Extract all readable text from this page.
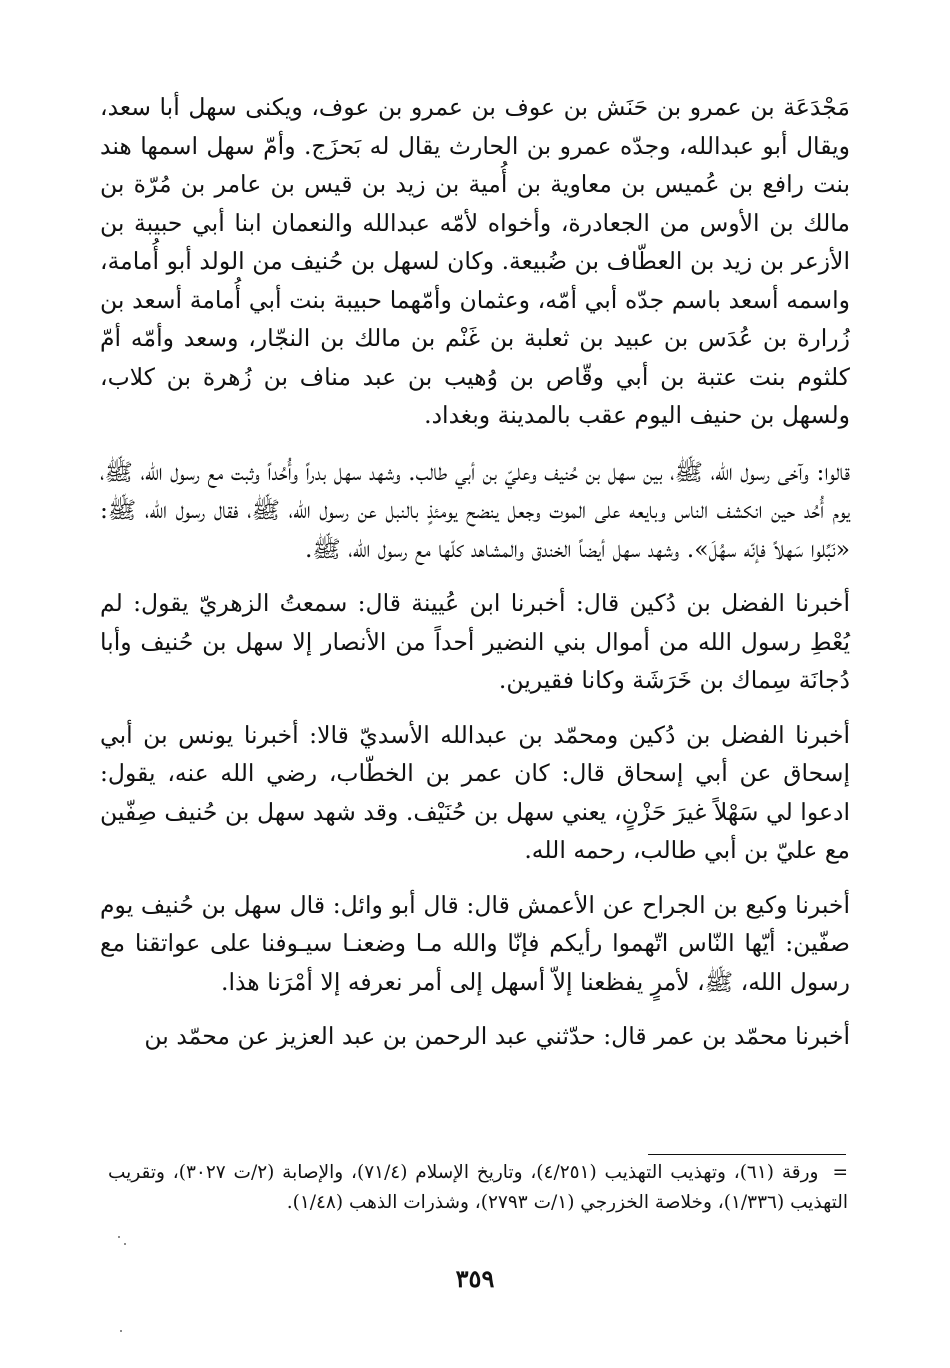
مَجْدَعَة بن عمرو بن حَنَش بن عوف بن عمرو بن عوف، ويكنى سهل أبا سعد، ويقال أبو عبدالله، وجدّه عمرو بن الحارث يقال له بَحزَج. وأمّ سهل اسمها هند بنت رافع بن عُميس بن معاوية بن أُمية بن زيد بن قيس بن عامر بن مُرّة بن مالك بن الأوس من الجعادرة، وأخواه لأمّه عبدالله والنعمان ابنا أبي حبيبة بن الأزعر بن زيد بن العطّاف بن ضُبيعة. وكان لسهل بن حُنيف من الولد أبو أُمامة، واسمه أسعد باسم جدّه أبي أمّه، وعثمان وأمّهما حبيبة بنت أبي أُمامة أسعد بن زُرارة بن عُدَس بن عبيد بن ثعلبة بن غَنْم بن مالك بن النجّار، وسعد وأمّه أمّ كلثوم بنت عتبة بن أبي وقّاص بن وُهيب بن عبد مناف بن زُهرة بن كلاب، ولسهل بن حنيف اليوم عقب بالمدينة وبغداد.

قالوا: وآخى رسول الله، ﷺ، بين سهل بن حُنيف وعليّ بن أبي طالب. وشهد سهل بدراً وأُحُداً وثبت مع رسول الله، ﷺ، يوم أُحُد حين انكشف الناس وبايعه على الموت وجعل ينضح يومئذٍ بالنبل عن رسول الله، ﷺ، فقال رسول الله، ﷺ: «نَبِّلوا سَهلاً فإنّه سهُلَ». وشهد سهل أيضاً الخندق والمشاهد كلّها مع رسول الله، ﷺ.

أخبرنا الفضل بن دُكين قال: أخبرنا ابن عُيينة قال: سمعتُ الزهريّ يقول: لم يُعْطِ رسول الله من أموال بني النضير أحداً من الأنصار إلا سهل بن حُنيف وأبا دُجانَة سِماك بن خَرَشَة وكانا فقيرين.

أخبرنا الفضل بن دُكين ومحمّد بن عبدالله الأسديّ قالا: أخبرنا يونس بن أبي إسحاق عن أبي إسحاق قال: كان عمر بن الخطّاب، رضي الله عنه، يقول: ادعوا لي سَهْلاً غيرَ حَزْنٍ، يعني سهل بن حُنَيْف. وقد شهد سهل بن حُنيف صِفّين مع عليّ بن أبي طالب، رحمه الله.

أخبرنا وكيع بن الجراح عن الأعمش قال: قال أبو وائل: قال سهل بن حُنيف يوم صفّين: أيّها النّاس اتّهموا رأيكم فإنّا والله مـا وضعنـا سيـوفنا على عواتقنا مع رسول الله، ﷺ، لأمرٍ يفظعنا إلاّ أسهل إلى أمر نعرفه إلا أمْرَنا هذا.

أخبرنا محمّد بن عمر قال: حدّثني عبد الرحمن بن عبد العزيز عن محمّد بن

=ورقة (٦١)، وتهذيب التهذيب (٤/٢٥١)، وتاريخ الإسلام (٧١/٤)، والإصابة (٢/ت ٣٠٢٧)، وتقريب التهذيب (١/٣٣٦)، وخلاصة الخزرجي (١/ت ٢٧٩٣)، وشذرات الذهب (١/٤٨).
٣٥٩
